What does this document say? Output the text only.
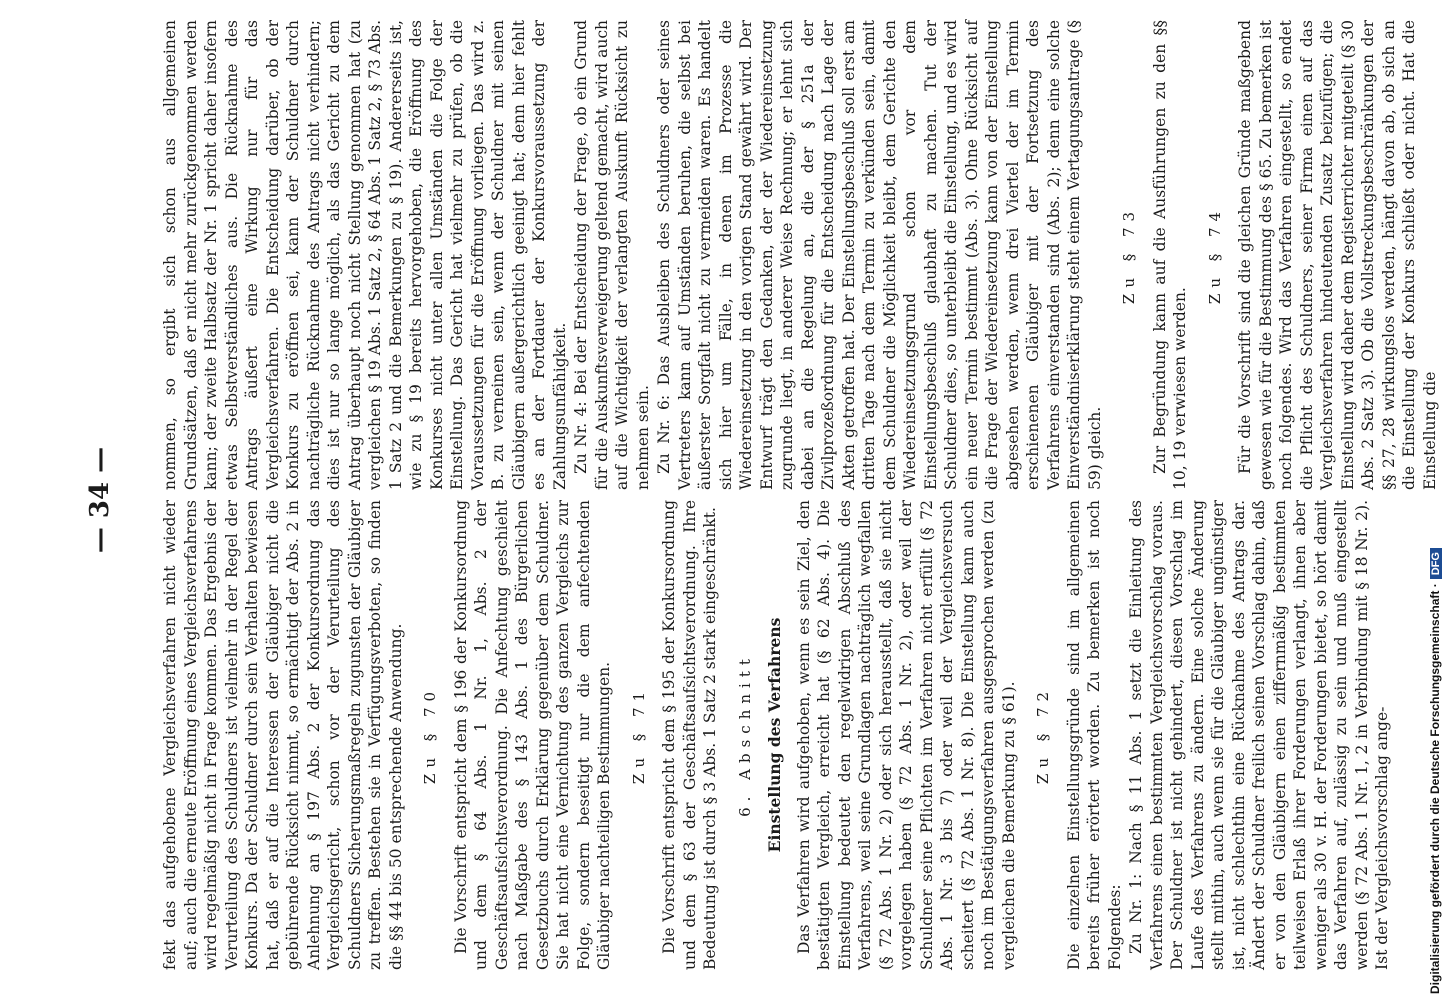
— 34 —	fekt das aufgehobene Vergleichsverfahren nicht wieder auf; auch die erneute Eröffnung eines Vergleichsverfahrens wird regelmäßig nicht in Frage kommen. Das Ergebnis der Verurteilung des Schuldners ist vielmehr in der Regel der Konkurs. Da der Schuldner durch sein Verhalten bewiesen hat, daß er auf die Interessen der Gläubiger nicht die gebührende Rücksicht nimmt, so ermächtigt der Abs. 2 in Anlehnung an § 197 Abs. 2 der Konkursordnung das Vergleichsgericht, schon vor der Verurteilung des Schuldners Sicherungsmaßregeln zugunsten der Gläubiger zu treffen. Bestehen sie in Verfügungsverboten, so finden die §§ 44 bis 50 entsprechende Anwendung. Zu § 70 Die Vorschrift entspricht dem § 196 der Konkursordnung und dem § 64 Abs. 1 Nr. 1, Abs. 2 der Geschäftsaufsichtsverordnung. Die Anfechtung geschieht nach Maßgabe des § 143 Abs. 1 des Bürgerlichen Gesetzbuchs durch Erklärung gegenüber dem Schuldner. Sie hat nicht eine Vernichtung des ganzen Vergleichs zur Folge, sondern beseitigt nur die dem anfechtenden Gläubiger nachteiligen Bestimmungen. Zu § 71 Die Vorschrift entspricht dem § 195 der Konkursordnung und dem § 63 der Geschäftsaufsichtsverordnung. Ihre Bedeutung ist durch § 3 Abs. 1 Satz 2 stark eingeschränkt. 6. Abschnitt Einstellung des Verfahrens Das Verfahren wird aufgehoben, wenn es sein Ziel, den bestätigten Vergleich, erreicht hat (§ 62 Abs. 4). Die Einstellung bedeutet den regelwidrigen Abschluß des Verfahrens, weil seine Grundlagen nachträglich wegfallen (§ 72 Abs. 1 Nr. 2) oder sich herausstellt, daß sie nicht vorgelegen haben (§ 72 Abs. 1 Nr. 2), oder weil der Schuldner seine Pflichten im Verfahren nicht erfüllt (§ 72 Abs. 1 Nr. 3 bis 7) oder weil der Vergleichsversuch scheitert (§ 72 Abs. 1 Nr. 8). Die Einstellung kann auch noch im Bestätigungsverfahren ausgesprochen werden (zu vergleichen die Bemerkung zu § 61). Zu § 72 Die einzelnen Einstellungsgründe sind im allgemeinen bereits früher erörtert worden. Zu bemerken ist noch Folgendes: Zu Nr. 1: Nach § 11 Abs. 1 setzt die Einleitung des Verfahrens einen bestimmten Vergleichsvorschlag voraus. Der Schuldner ist nicht gehindert, diesen Vorschlag im Laufe des Verfahrens zu ändern. Eine solche Änderung stellt mithin, auch wenn sie für die Gläubiger ungünstiger ist, nicht schlechthin eine Rücknahme des Antrags dar. Ändert der Schuldner freilich seinen Vorschlag dahin, daß er von den Gläubigern einen ziffernmäßig bestimmten teilweisen Erlaß ihrer Forderungen verlangt, ihnen aber weniger als 30 v. H. der Forderungen bietet, so hört damit das Verfahren auf, zulässig zu sein und muß eingestellt werden (§ 72 Abs. 1 Nr. 1, 2 in Verbindung mit § 18 Nr. 2). Ist der Vergleichsvorschlag ange-

nommen, so ergibt sich schon aus allgemeinen Grundsätzen, daß er nicht mehr zurückgenommen werden kann; der zweite Halbsatz der Nr. 1 spricht daher insofern etwas Selbstverständliches aus. Die Rücknahme des Antrags äußert eine Wirkung nur für das Vergleichsverfahren. Die Entscheidung darüber, ob der Konkurs zu eröffnen sei, kann der Schuldner durch nachträgliche Rücknahme des Antrags nicht verhindern; dies ist nur so lange möglich, als das Gericht zu dem Antrag überhaupt noch nicht Stellung genommen hat (zu vergleichen § 19 Abs. 1 Satz 2, § 64 Abs. 1 Satz 2, § 73 Abs. 1 Satz 2 und die Bemerkungen zu § 19). Andererseits ist, wie zu § 19 bereits hervorgehoben, die Eröffnung des Konkurses nicht unter allen Umständen die Folge der Einstellung. Das Gericht hat vielmehr zu prüfen, ob die Voraussetzungen für die Eröffnung vorliegen. Das wird z. B. zu verneinen sein, wenn der Schuldner mit seinen Gläubigern außergerichtlich geeinigt hat; denn hier fehlt es an der Fortdauer der Konkursvoraussetzung der Zahlungsunfähigkeit. Zu Nr. 4: Bei der Entscheidung der Frage, ob ein Grund für die Auskunftsverweigerung geltend gemacht, wird auch auf die Wichtigkeit der verlangten Auskunft Rücksicht zu nehmen sein. Zu Nr. 6: Das Ausbleiben des Schuldners oder seines Vertreters kann auf Umständen beruhen, die selbst bei äußerster Sorgfalt nicht zu vermeiden waren. Es handelt sich hier um Fälle, in denen im Prozesse die Wiedereinsetzung in den vorigen Stand gewährt wird. Der Entwurf trägt den Gedanken, der der Wiedereinsetzung zugrunde liegt, in anderer Weise Rechnung; er lehnt sich dabei an die Regelung an, die der § 251a der Zivilprozeßordnung für die Entscheidung nach Lage der Akten getroffen hat. Der Einstellungsbeschluß soll erst am dritten Tage nach dem Termin zu verkünden sein, damit dem Schuldner die Möglichkeit bleibt, dem Gerichte den Wiedereinsetzungsgrund schon vor dem Einstellungsbeschluß glaubhaft zu machen. Tut der Schuldner dies, so unterbleibt die Einstellung, und es wird ein neuer Termin bestimmt (Abs. 3). Ohne Rücksicht auf die Frage der Wiedereinsetzung kann von der Einstellung abgesehen werden, wenn drei Viertel der im Termin erschienenen Gläubiger mit der Fortsetzung des Verfahrens einverstanden sind (Abs. 2); denn eine solche Einverständniserklärung steht einem Vertagungsantrage (§ 59) gleich.

Zu § 73 Zur Begründung kann auf die Ausführungen zu den §§ 10, 19 verwiesen werden.

Zu § 74 Für die Vorschrift sind die gleichen Gründe maßgebend gewesen wie für die Bestimmung des § 65. Zu bemerken ist noch folgendes. Wird das Verfahren eingestellt, so endet die Pflicht des Schuldners, seiner Firma einen auf das Vergleichsverfahren hindeutenden Zusatz beizufügen; die Einstellung wird daher dem Registerrichter mitgeteilt (§ 30 Abs. 2 Satz 3). Ob die Vollstreckungsbeschränkungen der §§ 27, 28 wirkungslos werden, hängt davon ab, ob sich an die Einstellung der Konkurs schließt oder nicht. Hat die Einstellung die

Digitalisierung gefördert durch die Deutsche Forschungsgemeinschaft ·DFG
